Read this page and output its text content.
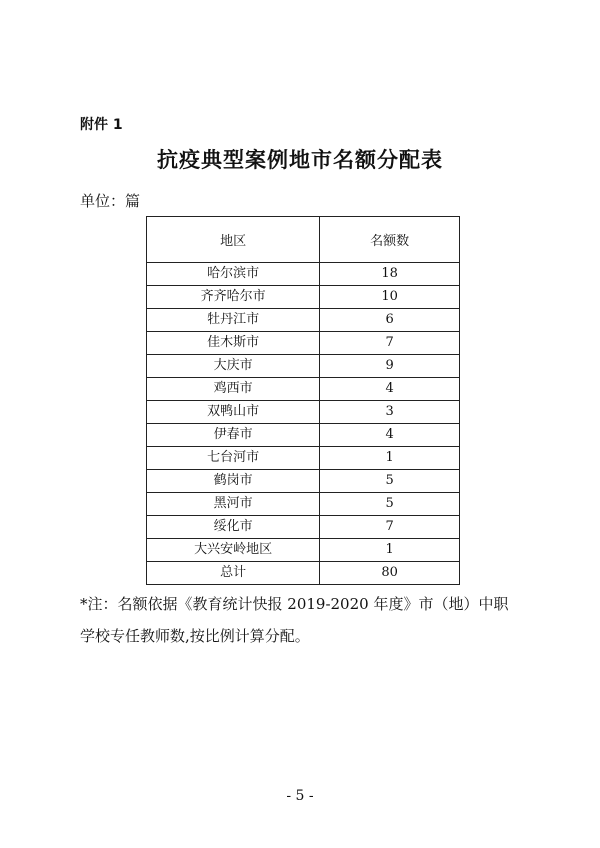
附件 1
抗疫典型案例地市名额分配表
单位：篇
地区	名额数
哈尔滨市	18
齐齐哈尔市	10
牡丹江市	6
佳木斯市	7
大庆市	9
鸡西市	4
双鸭山市	3
伊春市	4
七台河市	1
鹤岗市	5
黑河市	5
绥化市	7
大兴安岭地区	1
总计	80
*注：名额依据《教育统计快报 2019-2020 年度》市（地）中职
学校专任教师数,按比例计算分配。
- 5 -
